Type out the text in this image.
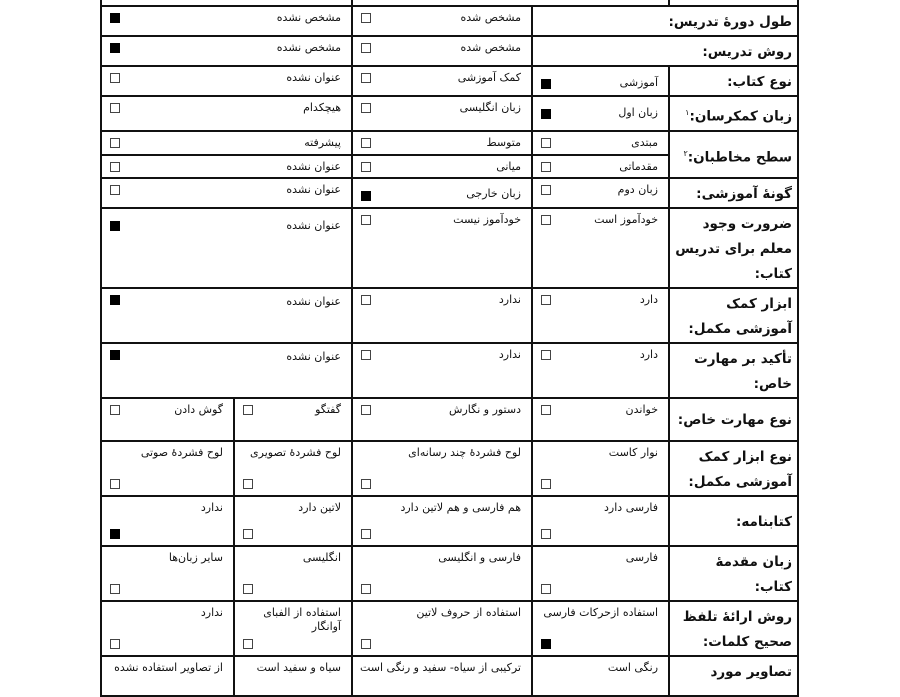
طول دورهٔ تدریس:		مشخص شده	مشخص نشده	

روش تدریس:		مشخص شده	مشخص نشده	

نوع کتاب:	آموزشی	کمک آموزشی	عنوان نشده	

زبان کمکرسان:$^۱$	زبان اول	زبان انگلیسی	هیچکدام	

سطح مخاطبان:$^۲$	مبتدی	متوسط	پیشرفته	

	مقدماتی	میانی	عنوان نشده	

گونهٔ آموزشی:	زبان دوم	زبان خارجی	عنوان نشده	

ضرورت وجود معلم برای تدریس کتاب:	خودآموز است	خودآموز نیست	عنوان نشده	

ابزار کمک آموزشی مکمل:	دارد	ندارد	عنوان نشده	

تأکید بر مهارت خاص:	دارد	ندارد	عنوان نشده	

نوع مهارت خاص:	خواندن	دستور و نگارش	گفتگو	گوش دادن

نوع ابزار کمک آموزشی مکمل:	نوار کاست	لوح فشردهٔ چند رسانه‌ای	لوح فشردهٔ تصویری	لوح فشردهٔ صوتی

کتابنامه:	فارسی دارد	هم فارسی و هم لاتین دارد	لاتین دارد	ندارد

زبان مقدمهٔ کتاب:	فارسی	فارسی و انگلیسی	انگلیسی	سایر زبان‌ها

روش ارائهٔ تلفظ صحیح کلمات:	استفاده ازحرکات فارسی	استفاده از حروف لاتین	استفاده از الفبای آوانگار	ندارد

تصاویر مورد	رنگی است	ترکیبی از سیاه- سفید و رنگی است	سیاه و سفید است	از تصاویر استفاده نشده
